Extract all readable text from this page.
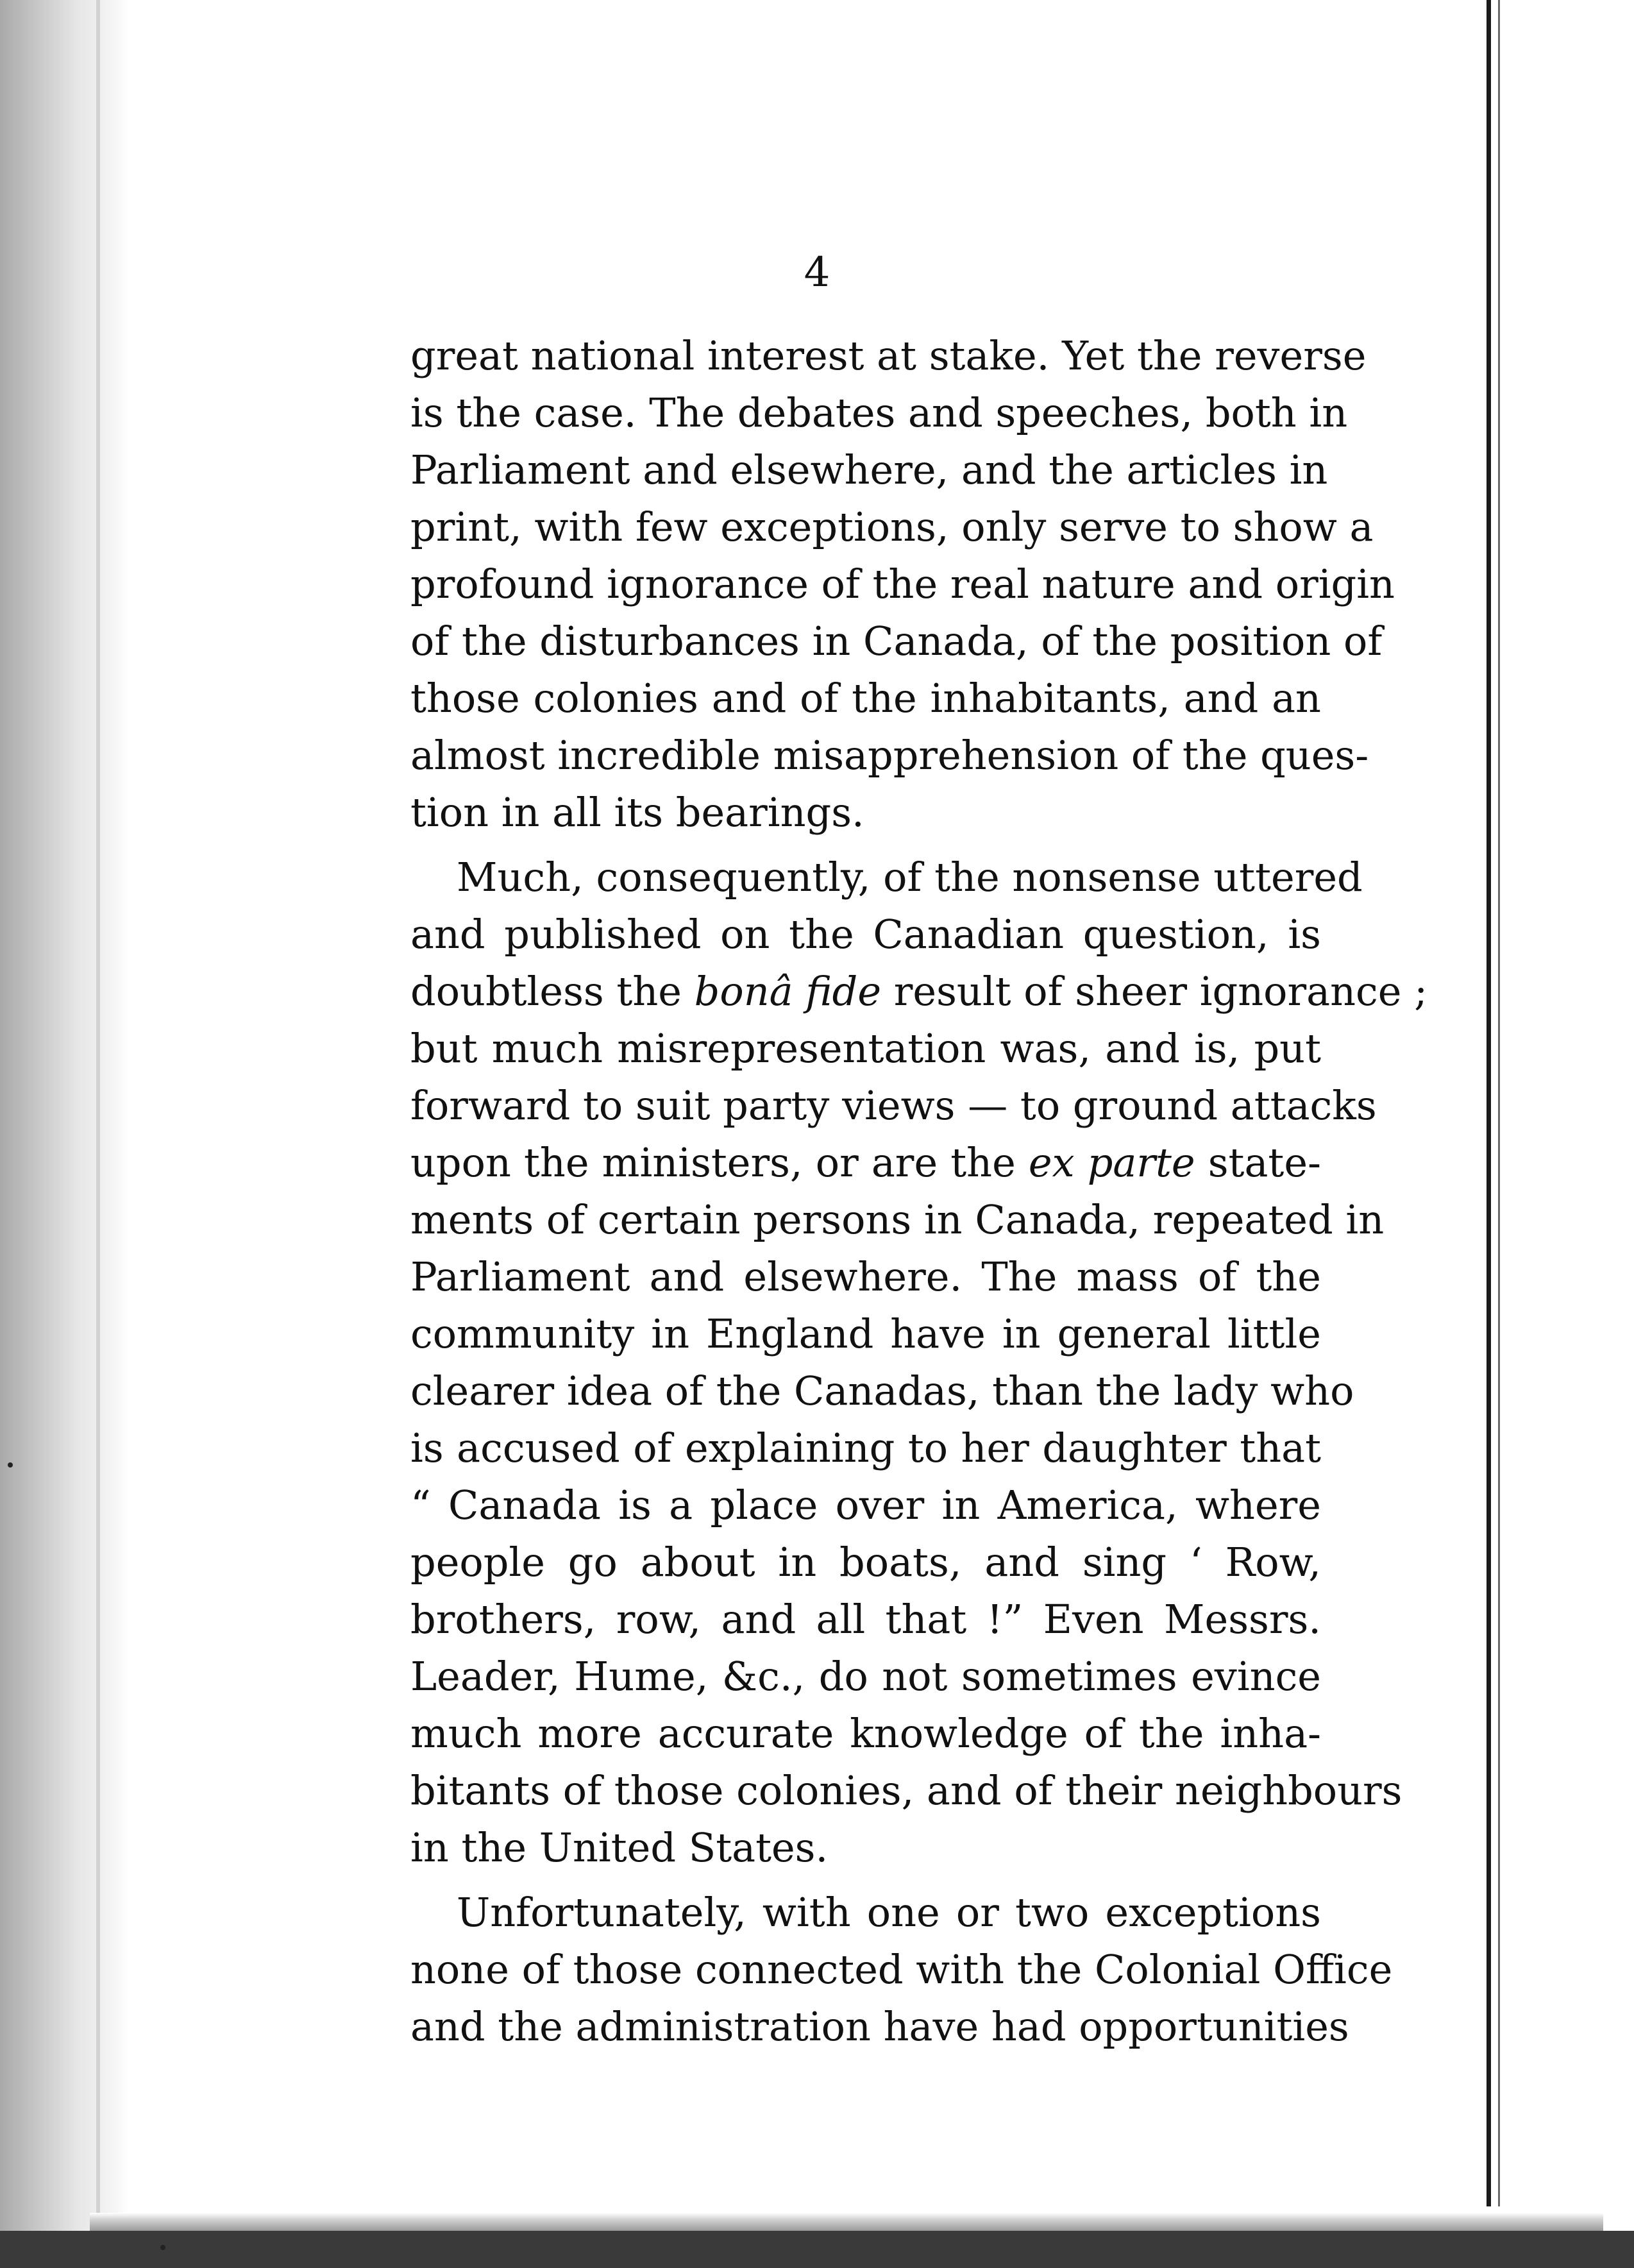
4
great national interest at stake. Yet the reverse
is the case. The debates and speeches, both in
Parliament and elsewhere, and the articles in
print, with few exceptions, only serve to show a
profound ignorance of the real nature and origin
of the disturbances in Canada, of the position of
those colonies and of the inhabitants, and an
almost incredible misapprehension of the ques-
tion in all its bearings.
Much, consequently, of the nonsense uttered
and published on the Canadian question, is
doubtless the bonâ fide result of sheer ignorance ;
but much misrepresentation was, and is, put
forward to suit party views — to ground attacks
upon the ministers, or are the ex parte state-
ments of certain persons in Canada, repeated in
Parliament and elsewhere. The mass of the
community in England have in general little
clearer idea of the Canadas, than the lady who
is accused of explaining to her daughter that
“ Canada is a place over in America, where
people go about in boats, and sing ‘ Row,
brothers, row, and all that !” Even Messrs.
Leader, Hume, &c., do not sometimes evince
much more accurate knowledge of the inha-
bitants of those colonies, and of their neighbours
in the United States.
Unfortunately, with one or two exceptions
none of those connected with the Colonial Office
and the administration have had opportunities
